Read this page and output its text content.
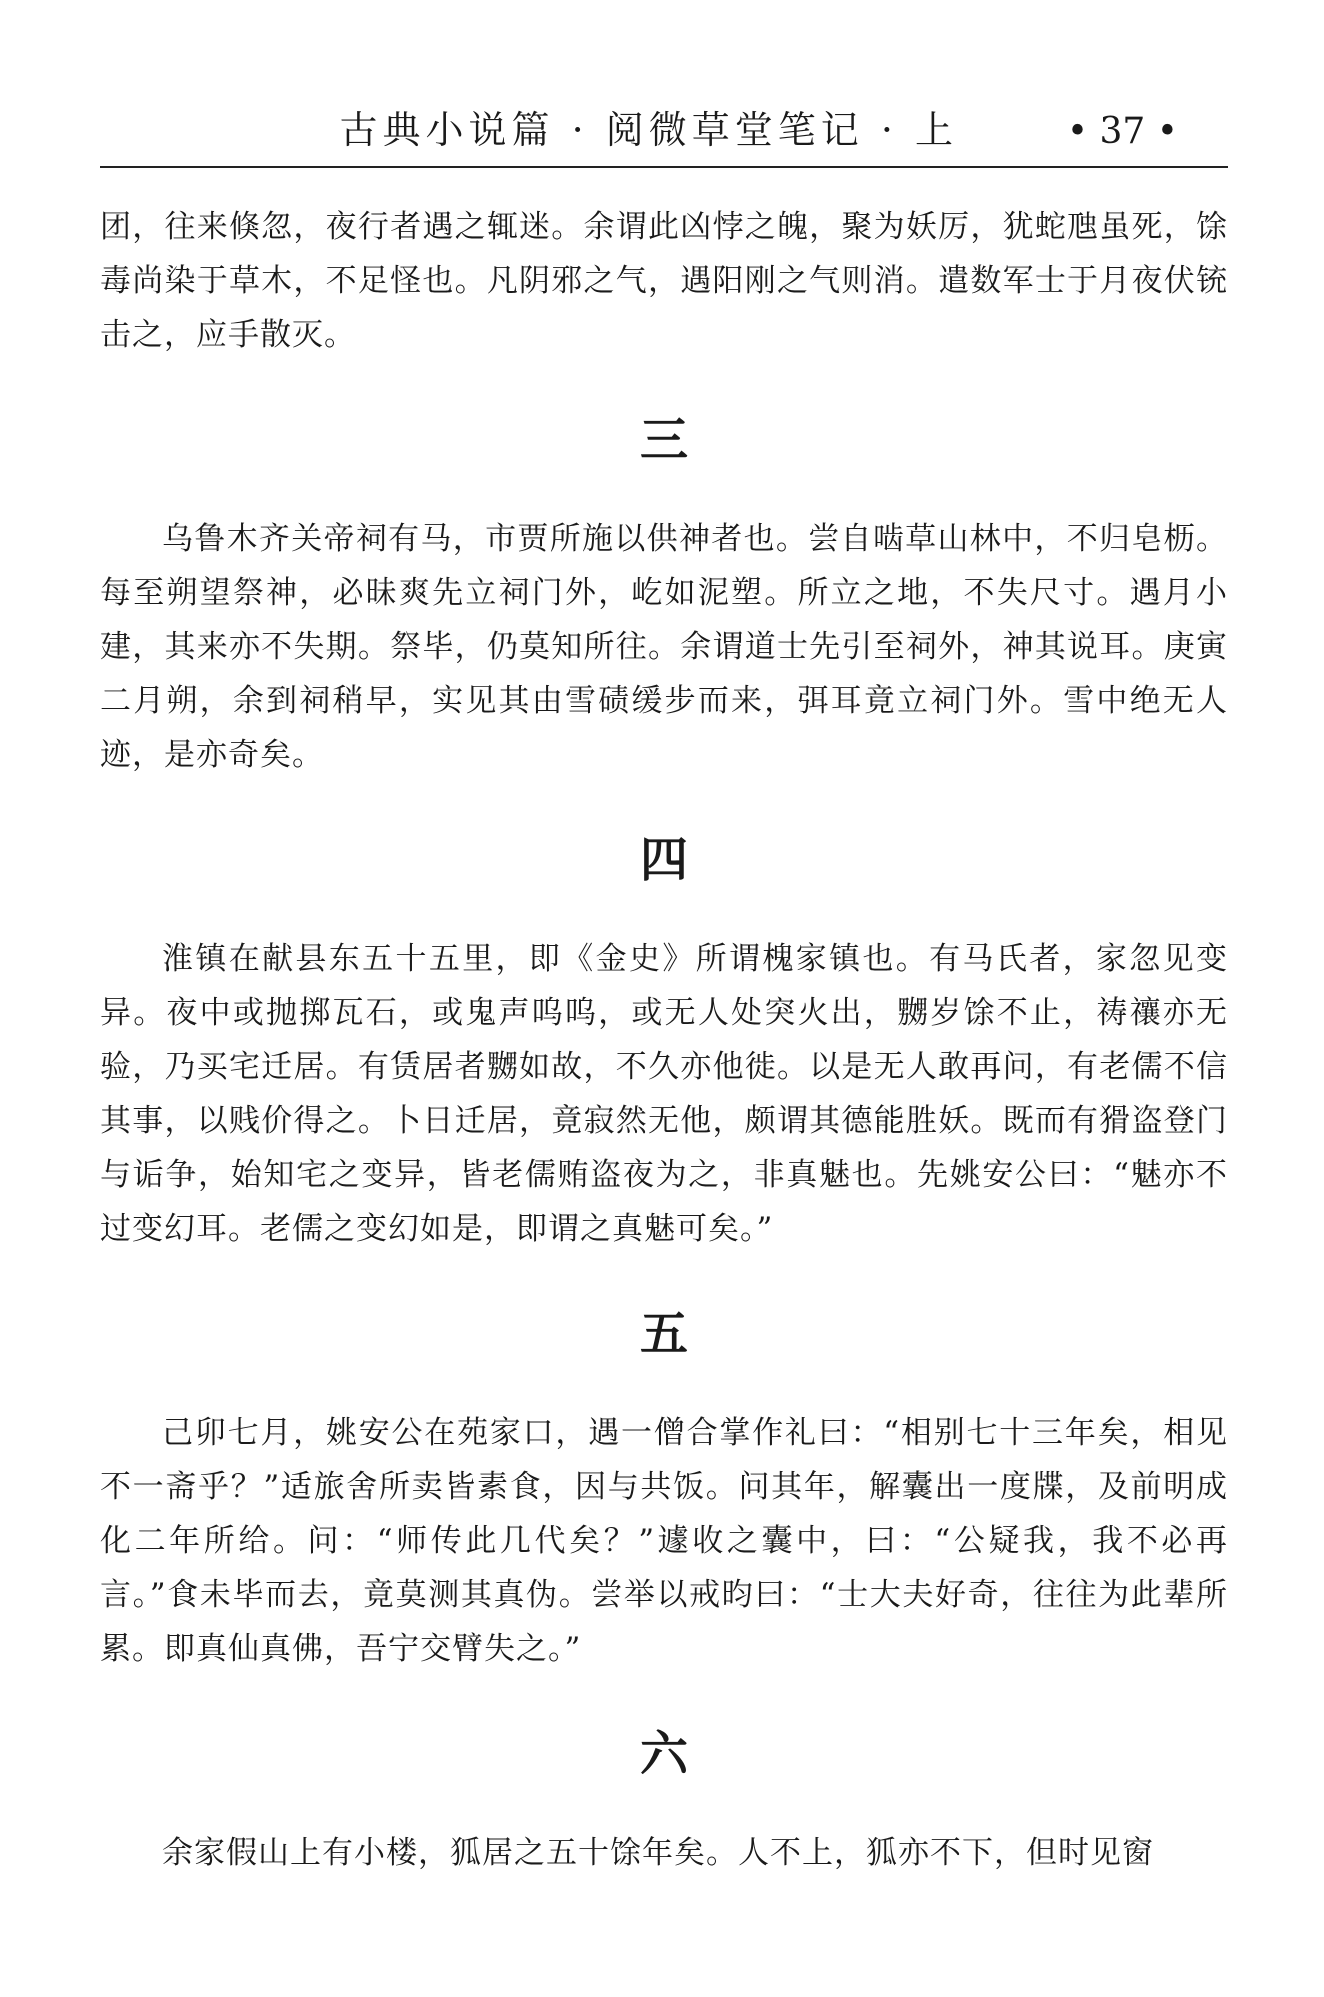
古典小说篇 · 阅微草堂笔记 · 上	• 37 •

团，往来倏忽，夜行者遇之辄迷。余谓此凶悖之魄，聚为妖厉，犹蛇虺虽死，馀毒尚染于草木，不足怪也。凡阴邪之气，遇阳刚之气则消。遣数军士于月夜伏铳击之，应手散灭。

三

乌鲁木齐关帝祠有马，市贾所施以供神者也。尝自啮草山林中，不归皂枥。每至朔望祭神，必昧爽先立祠门外，屹如泥塑。所立之地，不失尺寸。遇月小建，其来亦不失期。祭毕，仍莫知所往。余谓道士先引至祠外，神其说耳。庚寅二月朔，余到祠稍早，实见其由雪碛缓步而来，弭耳竟立祠门外。雪中绝无人迹，是亦奇矣。

四

淮镇在献县东五十五里，即《金史》所谓槐家镇也。有马氏者，家忽见变异。夜中或抛掷瓦石，或鬼声呜呜，或无人处突火出，嬲岁馀不止，祷禳亦无验，乃买宅迁居。有赁居者嬲如故，不久亦他徙。以是无人敢再问，有老儒不信其事，以贱价得之。卜日迁居，竟寂然无他，颇谓其德能胜妖。既而有猾盗登门与诟争，始知宅之变异，皆老儒贿盗夜为之，非真魅也。先姚安公曰：“魅亦不过变幻耳。老儒之变幻如是，即谓之真魅可矣。”

五

己卯七月，姚安公在苑家口，遇一僧合掌作礼曰：“相别七十三年矣，相见不一斋乎？”适旅舍所卖皆素食，因与共饭。问其年，解囊出一度牒，及前明成化二年所给。问：“师传此几代矣？”遽收之囊中，曰：“公疑我，我不必再言。”食未毕而去，竟莫测其真伪。尝举以戒昀曰：“士大夫好奇，往往为此辈所累。即真仙真佛，吾宁交臂失之。”

六

余家假山上有小楼，狐居之五十馀年矣。人不上，狐亦不下，但时见窗
